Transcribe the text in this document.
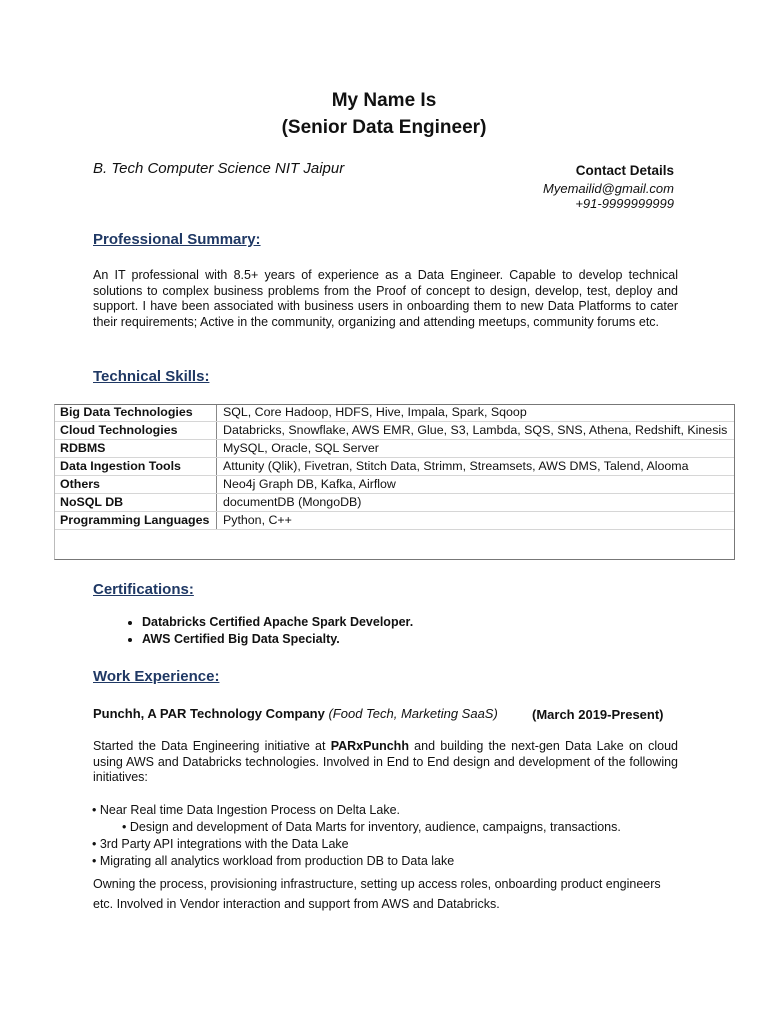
My Name Is
(Senior Data Engineer)
B. Tech Computer Science NIT Jaipur	Contact Details
Myemailid@gmail.com
+91-9999999999
Professional Summary:
An IT professional with 8.5+ years of experience as a Data Engineer. Capable to develop technical solutions to complex business problems from the Proof of concept to design, develop, test, deploy and support. I have been associated with business users in onboarding them to new Data Platforms to cater their requirements; Active in the community, organizing and attending meetups, community forums etc.
Technical Skills:
Big Data Technologies	SQL, Core Hadoop, HDFS, Hive, Impala, Spark, Sqoop
Cloud Technologies	Databricks, Snowflake, AWS EMR, Glue, S3, Lambda, SQS, SNS, Athena, Redshift, Kinesis
RDBMS	MySQL, Oracle, SQL Server
Data Ingestion Tools	Attunity (Qlik), Fivetran, Stitch Data, Strimm, Streamsets, AWS DMS, Talend, Alooma
Others	Neo4j Graph DB, Kafka, Airflow
NoSQL DB	documentDB (MongoDB)
Programming Languages	Python, C++
Certifications:
• Databricks Certified Apache Spark Developer.
• AWS Certified Big Data Specialty.
Work Experience:
Punchh, A PAR Technology Company (Food Tech, Marketing SaaS)	(March 2019-Present)
Started the Data Engineering initiative at PARxPunchh and building the next-gen Data Lake on cloud using AWS and Databricks technologies. Involved in End to End design and development of the following initiatives:
• Near Real time Data Ingestion Process on Delta Lake.
• Design and development of Data Marts for inventory, audience, campaigns, transactions.
• 3rd Party API integrations with the Data Lake
• Migrating all analytics workload from production DB to Data lake
Owning the process, provisioning infrastructure, setting up access roles, onboarding product engineers etc. Involved in Vendor interaction and support from AWS and Databricks.
